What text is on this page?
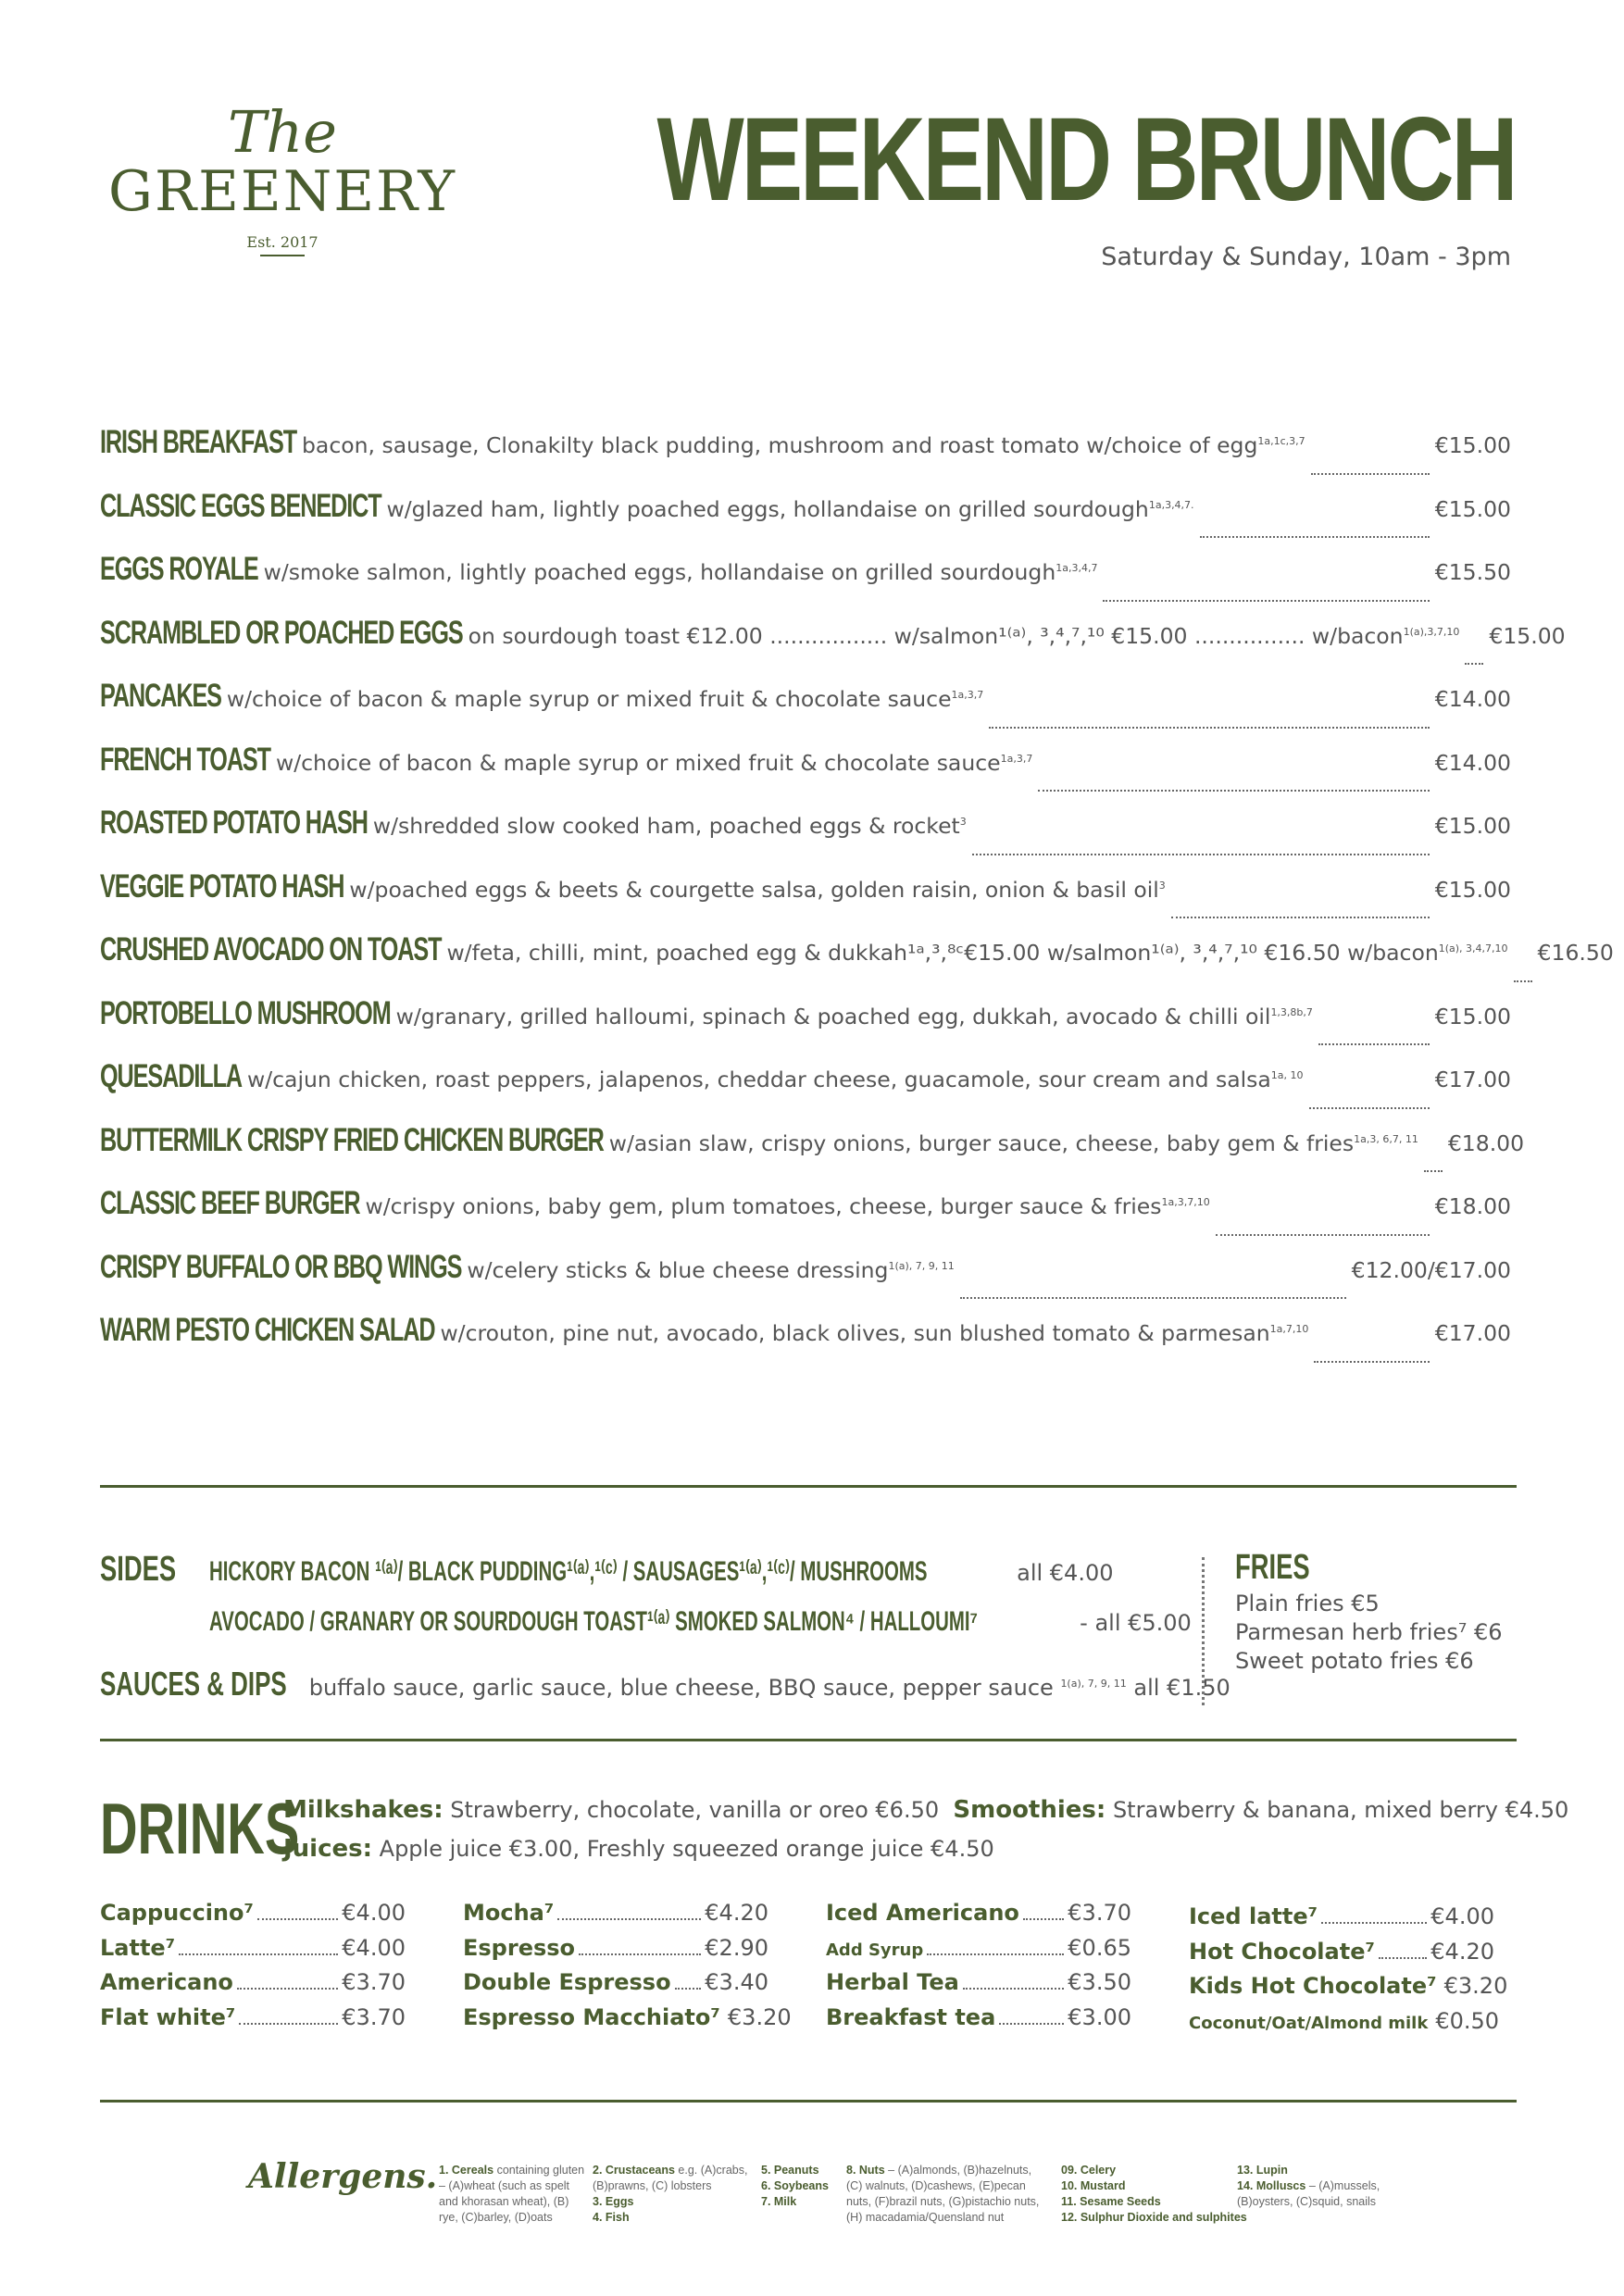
The
GREENERY
Est. 2017
WEEKEND BRUNCH
Saturday & Sunday, 10am - 3pm
IRISH BREAKFAST bacon, sausage, Clonakilty black pudding, mushroom and roast tomato w/choice of egg$^{1a,1c,3,7}$	€15.00
CLASSIC EGGS BENEDICT w/glazed ham, lightly poached eggs, hollandaise on grilled sourdough$^{1a,3,4,7.}$	€15.00
EGGS ROYALE w/smoke salmon, lightly poached eggs, hollandaise on grilled sourdough$^{1a,3,4,7}$	€15.50
SCRAMBLED OR POACHED EGGS on sourdough toast €12.00 ................. w/salmon¹⁽ᵃ⁾, ³,⁴,⁷,¹⁰ €15.00 ................ w/bacon$^{1(a),3,7,10}$ €15.00
PANCAKES w/choice of bacon & maple syrup or mixed fruit & chocolate sauce$^{1a,3,7}$	€14.00
FRENCH TOAST w/choice of bacon & maple syrup or mixed fruit & chocolate sauce$^{1a,3,7}$	€14.00
ROASTED POTATO HASH w/shredded slow cooked ham, poached eggs & rocket$^3$	€15.00
VEGGIE POTATO HASH w/poached eggs & beets & courgette salsa, golden raisin, onion & basil oil$^3$	€15.00
CRUSHED AVOCADO ON TOAST w/feta, chilli, mint, poached egg & dukkah¹ᵃ,³,⁸ᶜ€15.00 w/salmon¹⁽ᵃ⁾, ³,⁴,⁷,¹⁰ €16.50 w/bacon$^{1(a), 3,4,7,10}$ €16.50
PORTOBELLO MUSHROOM w/granary, grilled halloumi, spinach & poached egg, dukkah, avocado & chilli oil$^{1,3,8b,7}$	€15.00
QUESADILLA w/cajun chicken, roast peppers, jalapenos, cheddar cheese, guacamole, sour cream and salsa$^{1a, 10}$	€17.00
BUTTERMILK CRISPY FRIED CHICKEN BURGER w/asian slaw, crispy onions, burger sauce, cheese, baby gem & fries$^{1a,3, 6,7, 11}$ €18.00
CLASSIC BEEF BURGER w/crispy onions, baby gem, plum tomatoes, cheese, burger sauce & fries$^{1a,3,7,10}$	€18.00
CRISPY BUFFALO OR BBQ WINGS w/celery sticks & blue cheese dressing$^{1(a), 7, 9, 11}$	€12.00/€17.00
WARM PESTO CHICKEN SALAD w/crouton, pine nut, avocado, black olives, sun blushed tomato & parmesan$^{1a,7,10}$	€17.00
SIDES HICKORY BACON ¹⁽ᵃ⁾/ BLACK PUDDING¹⁽ᵃ⁾,¹⁽ᶜ⁾ / SAUSAGES¹⁽ᵃ⁾,¹⁽ᶜ⁾/ MUSHROOMS	all €4.00
AVOCADO / GRANARY OR SOURDOUGH TOAST¹⁽ᵃ⁾ SMOKED SALMON⁴ / HALLOUMI⁷	- all €5.00
SAUCES & DIPS buffalo sauce, garlic sauce, blue cheese, BBQ sauce, pepper sauce $^{1(a), 7, 9, 11}$ all €1.50
FRIES
Plain fries €5
Parmesan herb fries⁷ €6
Sweet potato fries €6
DRINKS
Milkshakes: Strawberry, chocolate, vanilla or oreo €6.50 Smoothies: Strawberry & banana, mixed berry €4.50
Juices: Apple juice €3.00, Freshly squeezed orange juice €4.50
Cappuccino⁷	€4.00
Latte⁷	€4.00
Americano	€3.70
Flat white⁷	€3.70
Mocha⁷	€4.20
Espresso	€2.90
Double Espresso €3.40
Espresso Macchiato⁷ €3.20
Iced Americano €3.70
Add Syrup	€0.65
Herbal Tea	€3.50
Breakfast tea	€3.00
Iced latte⁷	€4.00
Hot Chocolate⁷	€4.20
Kids Hot Chocolate⁷ €3.20
Coconut/Oat/Almond milk €0.50
Allergens. 1. Cereals containing gluten – (A)wheat (such as spelt and khorasan wheat), (B) rye, (C)barley, (D)oats
2. Crustaceans e.g. (A)crabs, (B)prawns, (C) lobsters
3. Eggs
4. Fish
5. Peanuts
6. Soybeans
7. Milk
8. Nuts – (A)almonds, (B)hazelnuts, (C) walnuts, (D)cashews, (E)pecan nuts, (F)brazil nuts, (G)pistachio nuts, (H) macadamia/Quensland nut
09. Celery
10. Mustard
11. Sesame Seeds
12. Sulphur Dioxide and sulphites
13. Lupin
14. Molluscs – (A)mussels, (B)oysters, (C)squid, snails
